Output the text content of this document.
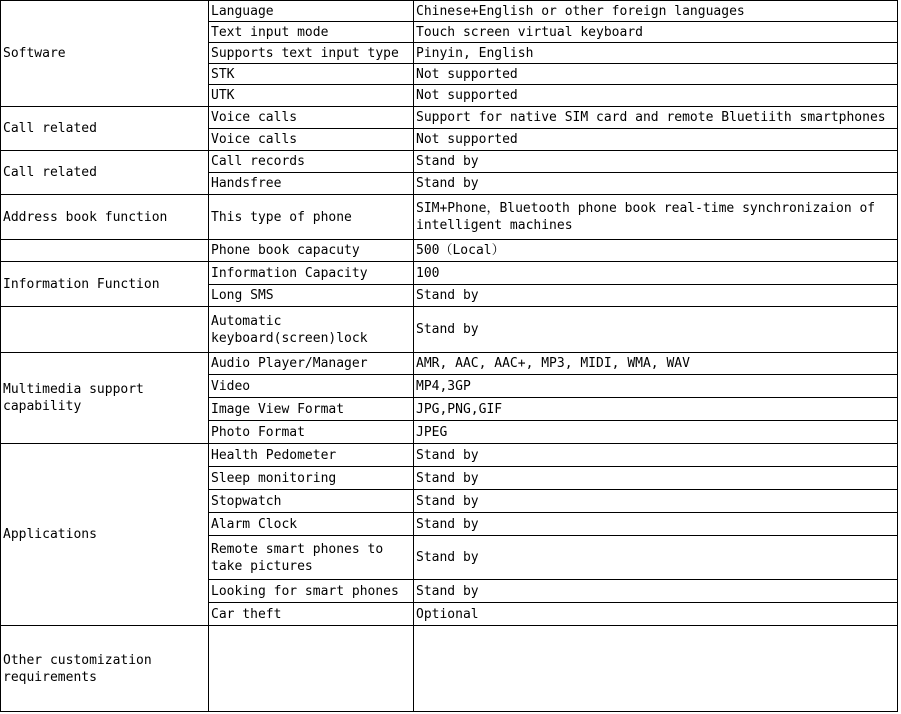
Software	Language	Chinese+English or other foreign languages
	Text input mode	Touch screen virtual keyboard
	Supports text input type	Pinyin, English
	STK	Not supported
	UTK	Not supported
Call related	Voice calls	Support for native SIM card and remote Bluetiith smartphones
	Voice calls	Not supported
Call related	Call records	Stand by
	Handsfree	Stand by
Address book function	This type of phone	SIM+Phone，Bluetooth phone book real-time synchronizaion of intelligent machines
	Phone book capacuty	500（Local）
Information Function	Information Capacity	100
	Long SMS	Stand by
	Automatic keyboard(screen)lock	Stand by
Multimedia support capability	Audio Player/Manager	AMR, AAC, AAC+, MP3, MIDI, WMA, WAV
	Video	MP4,3GP
	Image View Format	JPG,PNG,GIF
	Photo Format	JPEG
Applications	Health Pedometer	Stand by
	Sleep monitoring	Stand by
	Stopwatch	Stand by
	Alarm Clock	Stand by
	Remote smart phones to take pictures	Stand by
	Looking for smart phones	Stand by
	Car theft	Optional
Other customization requirements		
